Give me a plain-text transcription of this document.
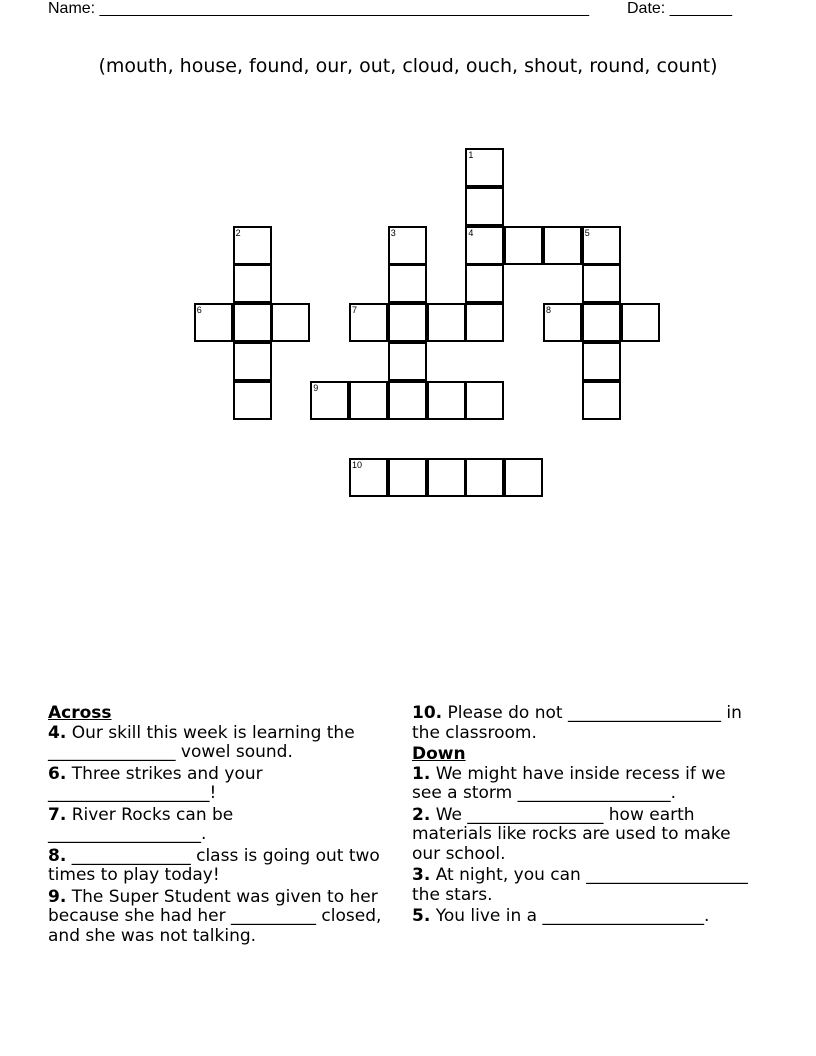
Name: _______________________________________________________ Date: _______
(mouth, house, found, our, out, cloud, ouch, shout, round, count)
1
2	3	4	5
6	7	8
9
10
Across
4. Our skill this week is learning the _______________ vowel sound.
6. Three strikes and your ___________________!
7. River Rocks can be __________________.
8. ______________ class is going out two times to play today!
9. The Super Student was given to her because she had her __________ closed, and she was not talking.
10. Please do not __________________ in the classroom.
Down
1. We might have inside recess if we see a storm __________________.
2. We ________________ how earth materials like rocks are used to make our school.
3. At night, you can ___________________ the stars.
5. You live in a ___________________.
